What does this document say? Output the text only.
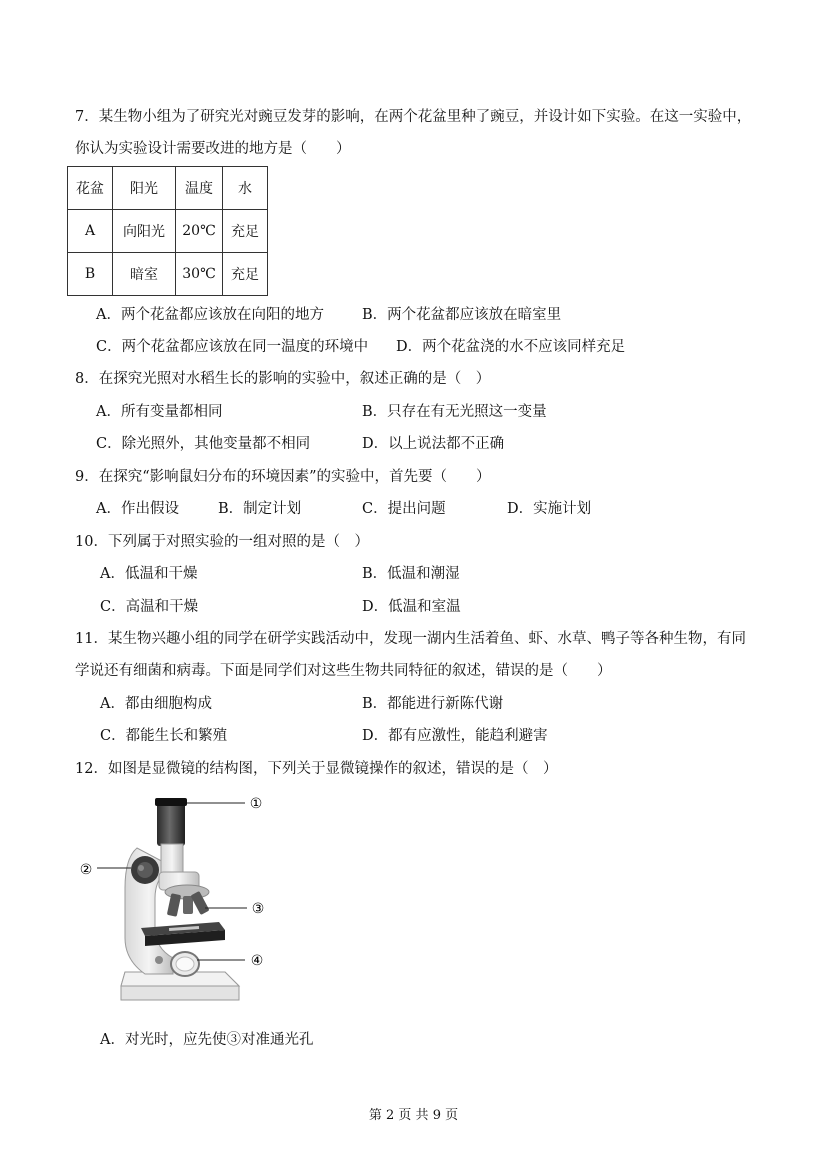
7．某生物小组为了研究光对豌豆发芽的影响，在两个花盆里种了豌豆，并设计如下实验。在这一实验中，
你认为实验设计需要改进的地方是（　　）
花盆	阳光	温度	水
A	向阳光	20℃	充足
B	暗室	30℃	充足
A．两个花盆都应该放在向阳的地方	B．两个花盆都应该放在暗室里
C．两个花盆都应该放在同一温度的环境中 D．两个花盆浇的水不应该同样充足
8．在探究光照对水稻生长的影响的实验中，叙述正确的是（　）
A．所有变量都相同	B．只存在有无光照这一变量
C．除光照外，其他变量都不相同	D．以上说法都不正确
9．在探究“影响鼠妇分布的环境因素”的实验中，首先要（　　）
A．作出假设	B．制定计划	C．提出问题	D．实施计划
10．下列属于对照实验的一组对照的是（　）
A．低温和干燥	B．低温和潮湿
C．高温和干燥	D．低温和室温
11．某生物兴趣小组的同学在研学实践活动中，发现一湖内生活着鱼、虾、水草、鸭子等各种生物，有同
学说还有细菌和病毒。下面是同学们对这些生物共同特征的叙述，错误的是（　　）
A．都由细胞构成	B．都能进行新陈代谢
C．都能生长和繁殖	D．都有应激性，能趋利避害
12．如图是显微镜的结构图，下列关于显微镜操作的叙述，错误的是（　）
①
②
③
④
A．对光时，应先使③对准通光孔
第 2 页 共 9 页
